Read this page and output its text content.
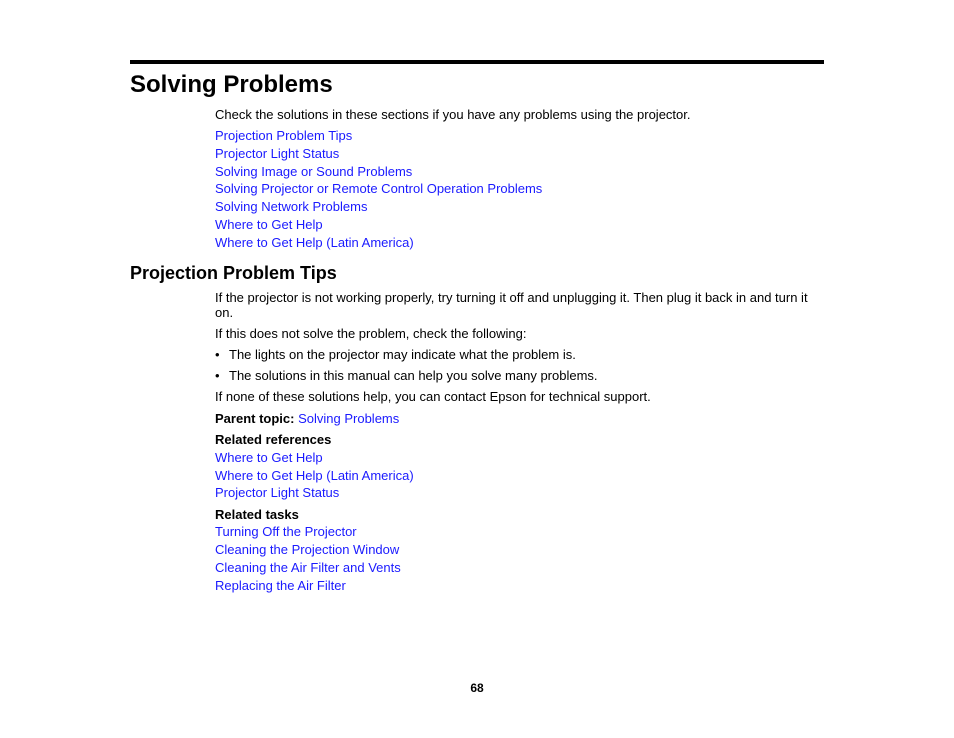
Solving Problems
Check the solutions in these sections if you have any problems using the projector.
Projection Problem Tips
Projector Light Status
Solving Image or Sound Problems
Solving Projector or Remote Control Operation Problems
Solving Network Problems
Where to Get Help
Where to Get Help (Latin America)
Projection Problem Tips
If the projector is not working properly, try turning it off and unplugging it. Then plug it back in and turn it on.
If this does not solve the problem, check the following:
• The lights on the projector may indicate what the problem is.
• The solutions in this manual can help you solve many problems.
If none of these solutions help, you can contact Epson for technical support.
Parent topic: Solving Problems
Related references
Where to Get Help
Where to Get Help (Latin America)
Projector Light Status
Related tasks
Turning Off the Projector
Cleaning the Projection Window
Cleaning the Air Filter and Vents
Replacing the Air Filter
68
